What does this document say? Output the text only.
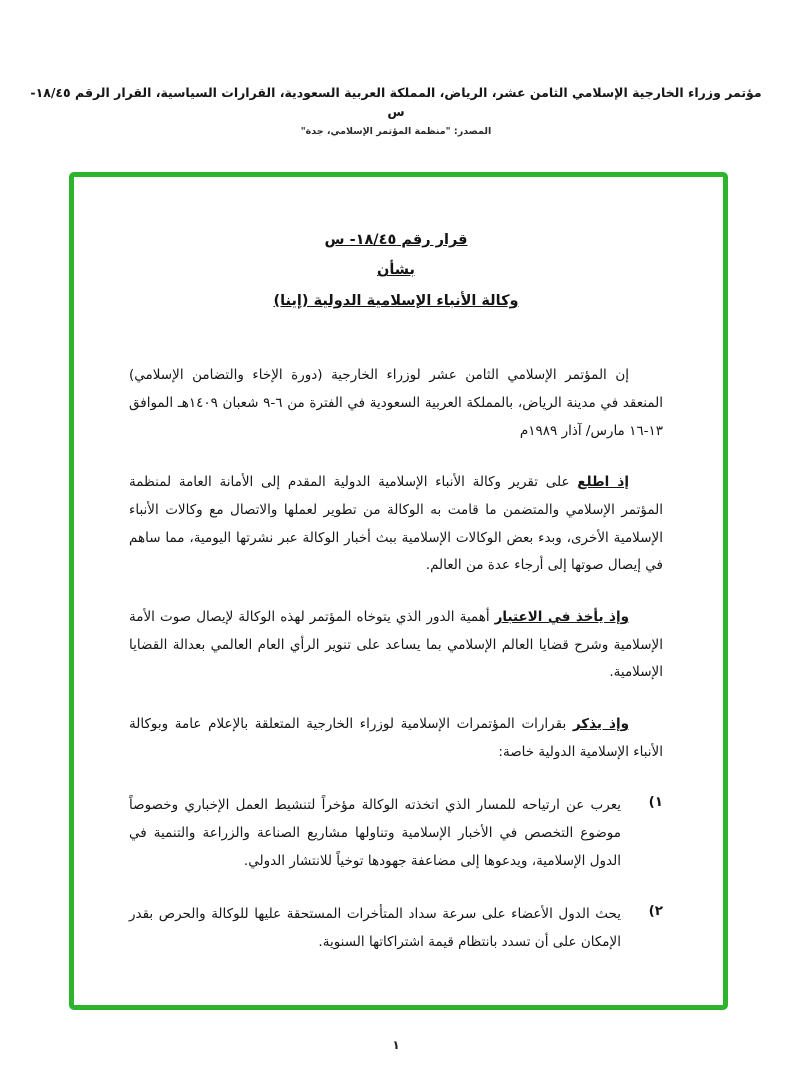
مؤتمر وزراء الخارجية الإسلامي الثامن عشر، الرياض، المملكة العربية السعودية، القرارات السياسية، القرار الرقم ١٨/٤٥-س
المصدر: "منظمة المؤتمر الإسلامي، جدة"
قرار رقم ١٨/٤٥- س
بشأن
وكالة الأنباء الإسلامية الدولية (إينا)

إن المؤتمر الإسلامي الثامن عشر لوزراء الخارجية (دورة الإخاء والتضامن الإسلامي) المنعقد في مدينة الرياض، بالمملكة العربية السعودية في الفترة من ٦-٩ شعبان ١٤٠٩هـ الموافق ١٣-١٦ مارس/ آذار ١٩٨٩م

إذ اطلع على تقرير وكالة الأنباء الإسلامية الدولية المقدم إلى الأمانة العامة لمنظمة المؤتمر الإسلامي والمتضمن ما قامت به الوكالة من تطوير لعملها والاتصال مع وكالات الأنباء الإسلامية الأخرى، وبدء بعض الوكالات الإسلامية ببث أخبار الوكالة عبر نشرتها اليومية، مما ساهم في إيصال صوتها إلى أرجاء عدة من العالم.

وإذ يأخذ في الاعتبار أهمية الدور الذي يتوخاه المؤتمر لهذه الوكالة لإيصال صوت الأمة الإسلامية وشرح قضايا العالم الإسلامي بما يساعد على تنوير الرأي العام العالمي بعدالة القضايا الإسلامية.

وإذ يذكر بقرارات المؤتمرات الإسلامية لوزراء الخارجية المتعلقة بالإعلام عامة وبوكالة الأنباء الإسلامية الدولية خاصة:

١)
يعرب عن ارتياحه للمسار الذي اتخذته الوكالة مؤخراً لتنشيط العمل الإخباري وخصوصاً موضوع التخصص في الأخبار الإسلامية وتناولها مشاريع الصناعة والزراعة والتنمية في الدول الإسلامية، ويدعوها إلى مضاعفة جهودها توخياً للانتشار الدولي.
٢)
يحث الدول الأعضاء على سرعة سداد المتأخرات المستحقة عليها للوكالة والحرص بقدر الإمكان على أن تسدد بانتظام قيمة اشتراكاتها السنوية.
١
